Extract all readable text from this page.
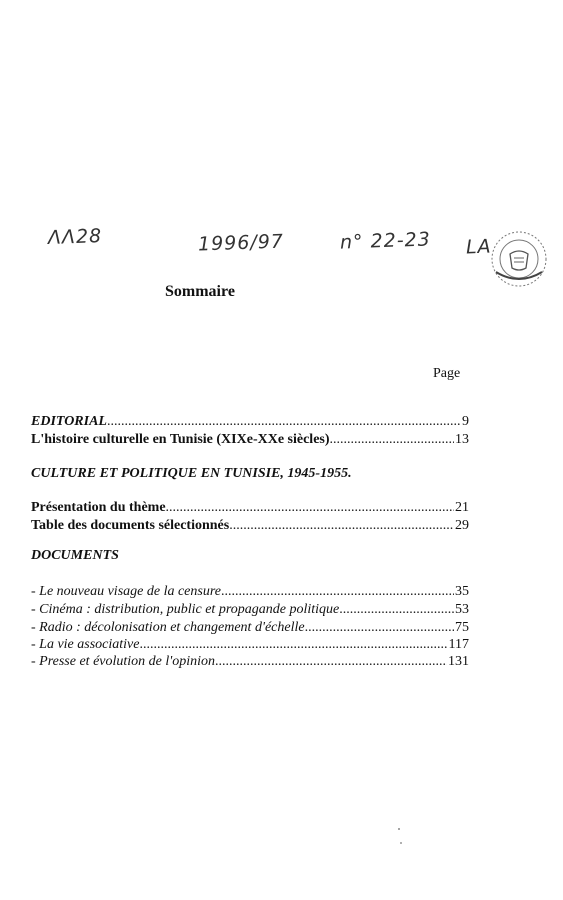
ΛΛ28	1996/97	n° 22-23 LA
Sommaire
Page
EDITORIAL .....	9
L'histoire culturelle en Tunisie (XIXe-XXe siècles) .....	13
CULTURE ET POLITIQUE EN TUNISIE, 1945-1955.
Présentation du thème .....	21
Table des documents sélectionnés .....	29
DOCUMENTS
- Le nouveau visage de la censure .....	35
- Cinéma : distribution, public et propagande politique .....	53
- Radio : décolonisation et changement d'échelle .....	75
- La vie associative .....	117
- Presse et évolution de l'opinion .....	131
